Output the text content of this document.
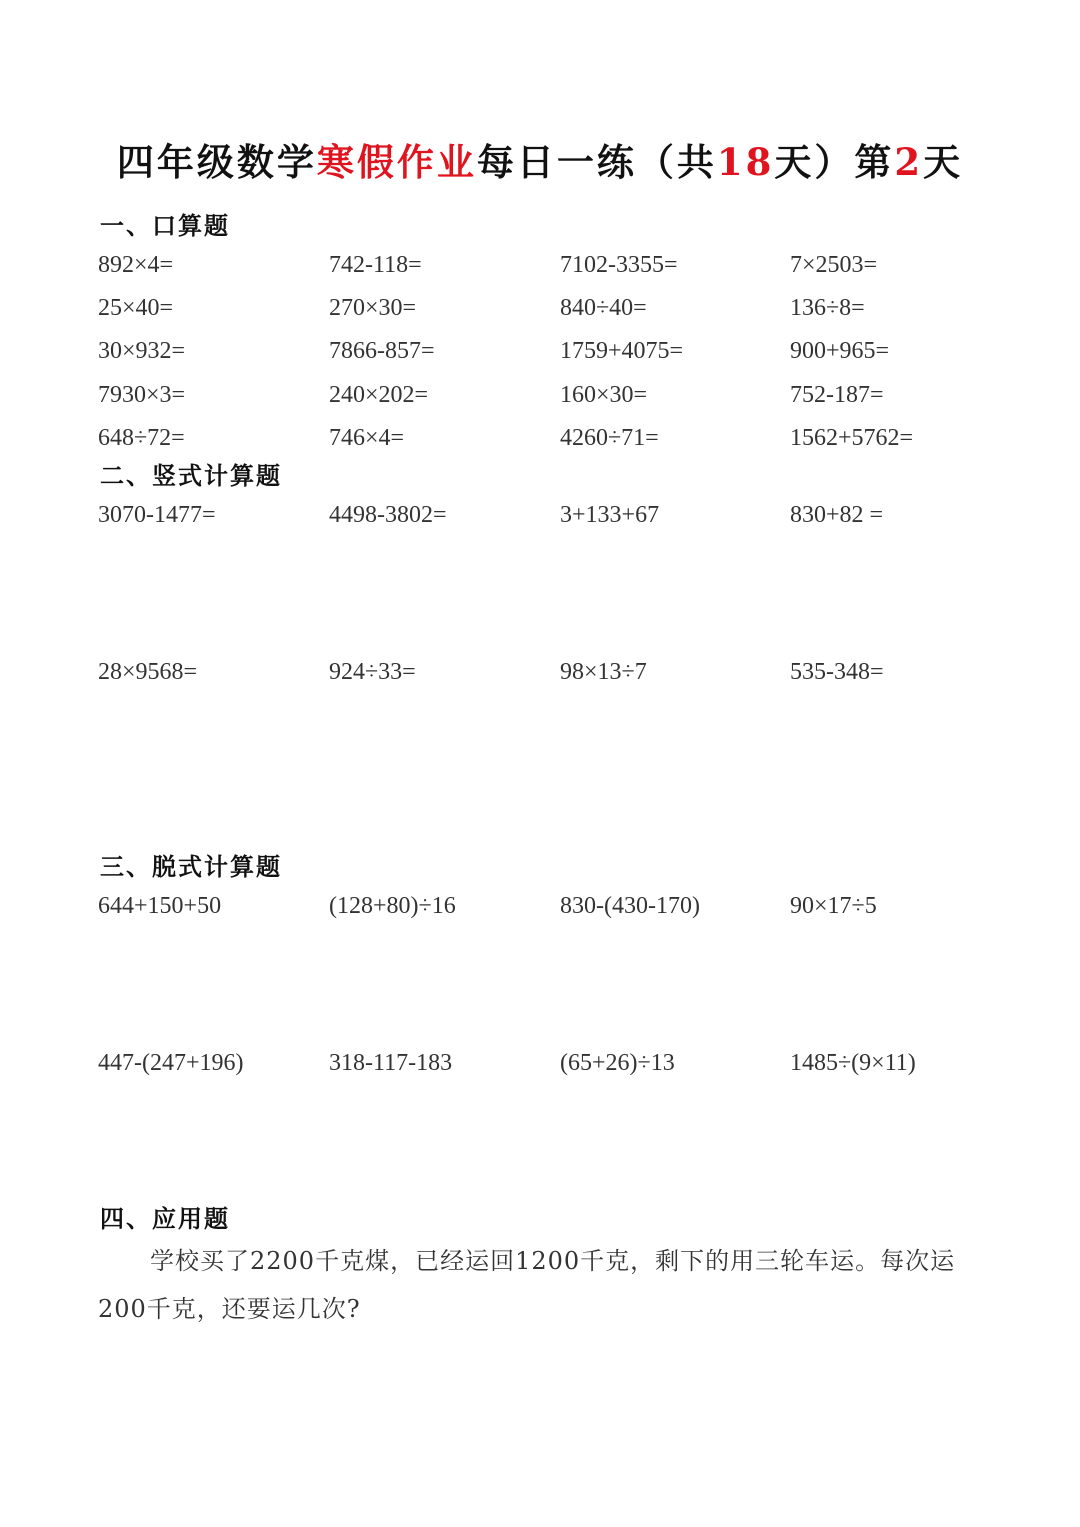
四年级数学寒假作业每日一练（共18天）第2天
一、口算题
892×4=	742-118=	7102-3355=	7×2503=
25×40=	270×30=	840÷40=	136÷8=
30×932=	7866-857=	1759+4075=	900+965=
7930×3=	240×202=	160×30=	752-187=
648÷72=	746×4=	4260÷71=	1562+5762=
二、竖式计算题
3070-1477=	4498-3802=	3+133+67	830+82 =
28×9568=	924÷33=	98×13÷7	535-348=
三、脱式计算题
644+150+50	(128+80)÷16	830-(430-170)	90×17÷5
447-(247+196)	318-117-183	(65+26)÷13	1485÷(9×11)
四、应用题
学校买了2200千克煤，已经运回1200千克，剩下的用三轮车运。每次运200千克，还要运几次?
